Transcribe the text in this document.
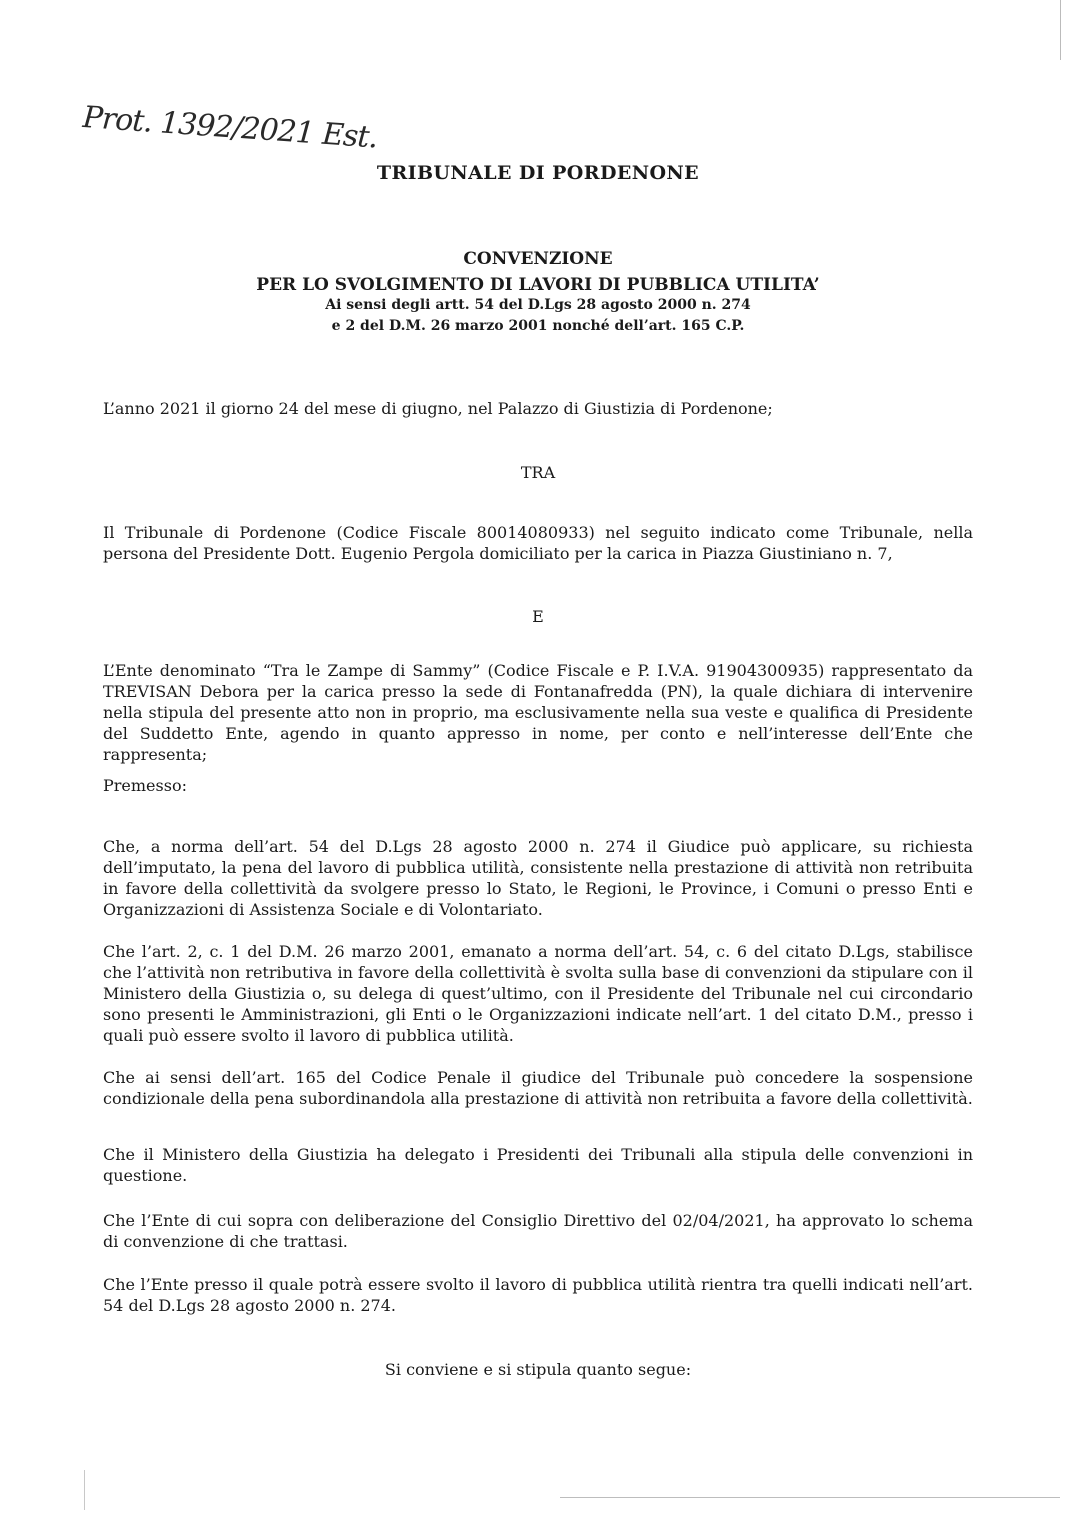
Prot. 1392/2021 Est.
TRIBUNALE DI PORDENONE
CONVENZIONE
PER LO SVOLGIMENTO DI LAVORI DI PUBBLICA UTILITA’
Ai sensi degli artt. 54 del D.Lgs 28 agosto 2000 n. 274
e 2 del D.M. 26 marzo 2001 nonché dell’art. 165 C.P.
L’anno 2021 il giorno 24 del mese di giugno, nel Palazzo di Giustizia di Pordenone;
TRA
Il Tribunale di Pordenone (Codice Fiscale 80014080933) nel seguito indicato come Tribunale, nella persona del Presidente Dott. Eugenio Pergola domiciliato per la carica in Piazza Giustiniano n. 7,
E
L’Ente denominato “Tra le Zampe di Sammy” (Codice Fiscale e P. I.V.A. 91904300935) rappresentato da TREVISAN Debora per la carica presso la sede di Fontanafredda (PN), la quale dichiara di intervenire nella stipula del presente atto non in proprio, ma esclusivamente nella sua veste e qualifica di Presidente del Suddetto Ente, agendo in quanto appresso in nome, per conto e nell’interesse dell’Ente che rappresenta;
Premesso:
Che, a norma dell’art. 54 del D.Lgs 28 agosto 2000 n. 274 il Giudice può applicare, su richiesta dell’imputato, la pena del lavoro di pubblica utilità, consistente nella prestazione di attività non retribuita in favore della collettività da svolgere presso lo Stato, le Regioni, le Province, i Comuni o presso Enti e Organizzazioni di Assistenza Sociale e di Volontariato.
Che l’art. 2, c. 1 del D.M. 26 marzo 2001, emanato a norma dell’art. 54, c. 6 del citato D.Lgs, stabilisce che l’attività non retributiva in favore della collettività è svolta sulla base di convenzioni da stipulare con il Ministero della Giustizia o, su delega di quest’ultimo, con il Presidente del Tribunale nel cui circondario sono presenti le Amministrazioni, gli Enti o le Organizzazioni indicate nell’art. 1 del citato D.M., presso i quali può essere svolto il lavoro di pubblica utilità.
Che ai sensi dell’art. 165 del Codice Penale il giudice del Tribunale può concedere la sospensione condizionale della pena subordinandola alla prestazione di attività non retribuita a favore della collettività.
Che il Ministero della Giustizia ha delegato i Presidenti dei Tribunali alla stipula delle convenzioni in questione.
Che l’Ente di cui sopra con deliberazione del Consiglio Direttivo del 02/04/2021, ha approvato lo schema di convenzione di che trattasi.
Che l’Ente presso il quale potrà essere svolto il lavoro di pubblica utilità rientra tra quelli indicati nell’art. 54 del D.Lgs 28 agosto 2000 n. 274.
Si conviene e si stipula quanto segue:
